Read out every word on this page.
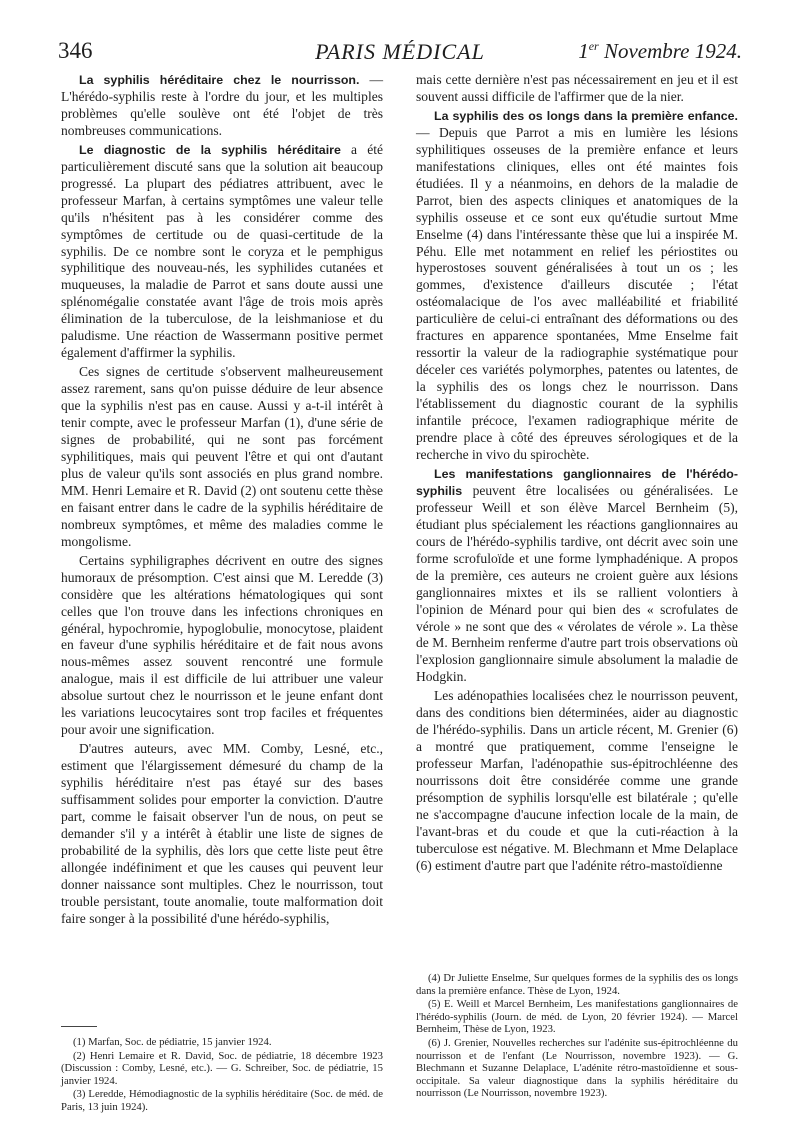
346	PARIS MÉDICAL	1er Novembre 1924.

La syphilis héréditaire chez le nourrisson. — L'hérédo-syphilis reste à l'ordre du jour, et les multiples problèmes qu'elle soulève ont été l'objet de très nombreuses communications.

Le diagnostic de la syphilis héréditaire a été particulièrement discuté sans que la solution ait beaucoup progressé. La plupart des pédiatres attribuent, avec le professeur Marfan, à certains symptômes une valeur telle qu'ils n'hésitent pas à les considérer comme des symptômes de certitude ou de quasi-certitude de la syphilis. De ce nombre sont le coryza et le pemphigus syphilitique des nouveau-nés, les syphilides cutanées et muqueuses, la maladie de Parrot et sans doute aussi une splénomégalie constatée avant l'âge de trois mois après élimination de la tuberculose, de la leishmaniose et du paludisme. Une réaction de Wassermann positive permet également d'affirmer la syphilis.

Ces signes de certitude s'observent malheureusement assez rarement, sans qu'on puisse déduire de leur absence que la syphilis n'est pas en cause. Aussi y a-t-il intérêt à tenir compte, avec le professeur Marfan (1), d'une série de signes de probabilité, qui ne sont pas forcément syphilitiques, mais qui peuvent l'être et qui ont d'autant plus de valeur qu'ils sont associés en plus grand nombre. MM. Henri Lemaire et R. David (2) ont soutenu cette thèse en faisant entrer dans le cadre de la syphilis héréditaire de nombreux symptômes, et même des maladies comme le mongolisme.

Certains syphiligraphes décrivent en outre des signes humoraux de présomption. C'est ainsi que M. Leredde (3) considère que les altérations hématologiques qui sont celles que l'on trouve dans les infections chroniques en général, hypochromie, hypoglobulie, monocytose, plaident en faveur d'une syphilis héréditaire et de fait nous avons nous-mêmes assez souvent rencontré une formule analogue, mais il est difficile de lui attribuer une valeur absolue surtout chez le nourrisson et le jeune enfant dont les variations leucocytaires sont trop faciles et fréquentes pour avoir une signification.

D'autres auteurs, avec MM. Comby, Lesné, etc., estiment que l'élargissement démesuré du champ de la syphilis héréditaire n'est pas étayé sur des bases suffisamment solides pour emporter la conviction. D'autre part, comme le faisait observer l'un de nous, on peut se demander s'il y a intérêt à établir une liste de signes de probabilité de la syphilis, dès lors que cette liste peut être allongée indéfiniment et que les causes qui peuvent leur donner naissance sont multiples. Chez le nourrisson, tout trouble persistant, toute anomalie, toute malformation doit faire songer à la possibilité d'une hérédo-syphilis,

mais cette dernière n'est pas nécessairement en jeu et il est souvent aussi difficile de l'affirmer que de la nier.

La syphilis des os longs dans la première enfance. — Depuis que Parrot a mis en lumière les lésions syphilitiques osseuses de la première enfance et leurs manifestations cliniques, elles ont été maintes fois étudiées. Il y a néanmoins, en dehors de la maladie de Parrot, bien des aspects cliniques et anatomiques de la syphilis osseuse et ce sont eux qu'étudie surtout Mme Enselme (4) dans l'intéressante thèse que lui a inspirée M. Péhu. Elle met notamment en relief les périostites ou hyperostoses souvent généralisées à tout un os ; les gommes, d'existence d'ailleurs discutée ; l'état ostéomalacique de l'os avec malléabilité et friabilité particulière de celui-ci entraînant des déformations ou des fractures en apparence spontanées, Mme Enselme fait ressortir la valeur de la radiographie systématique pour déceler ces variétés polymorphes, patentes ou latentes, de la syphilis des os longs chez le nourrisson. Dans l'établissement du diagnostic courant de la syphilis infantile précoce, l'examen radiographique mérite de prendre place à côté des épreuves sérologiques et de la recherche in vivo du spirochète.

Les manifestations ganglionnaires de l'hérédo-syphilis peuvent être localisées ou généralisées. Le professeur Weill et son élève Marcel Bernheim (5), étudiant plus spécialement les réactions ganglionnaires au cours de l'hérédo-syphilis tardive, ont décrit avec soin une forme scrofuloïde et une forme lymphadénique. A propos de la première, ces auteurs ne croient guère aux lésions ganglionnaires mixtes et ils se rallient volontiers à l'opinion de Ménard pour qui bien des « scrofulates de vérole » ne sont que des « vérolates de vérole ». La thèse de M. Bernheim renferme d'autre part trois observations où l'explosion ganglionnaire simule absolument la maladie de Hodgkin.

Les adénopathies localisées chez le nourrisson peuvent, dans des conditions bien déterminées, aider au diagnostic de l'hérédo-syphilis. Dans un article récent, M. Grenier (6) a montré que pratiquement, comme l'enseigne le professeur Marfan, l'adénopathie sus-épitrochléenne des nourrissons doit être considérée comme une grande présomption de syphilis lorsqu'elle est bilatérale ; qu'elle ne s'accompagne d'aucune infection locale de la main, de l'avant-bras et du coude et que la cuti-réaction à la tuberculose est négative. M. Blechmann et Mme Delaplace (6) estiment d'autre part que l'adénite rétro-mastoïdienne

(1) Marfan, Soc. de pédiatrie, 15 janvier 1924.

(2) Henri Lemaire et R. David, Soc. de pédiatrie, 18 décembre 1923 (Discussion : Comby, Lesné, etc.). — G. Schreiber, Soc. de pédiatrie, 15 janvier 1924.

(3) Leredde, Hémodiagnostic de la syphilis héréditaire (Soc. de méd. de Paris, 13 juin 1924).

(4) Dr Juliette Enselme, Sur quelques formes de la syphilis des os longs dans la première enfance. Thèse de Lyon, 1924.

(5) E. Weill et Marcel Bernheim, Les manifestations ganglionnaires de l'hérédo-syphilis (Journ. de méd. de Lyon, 20 février 1924). — Marcel Bernheim, Thèse de Lyon, 1923.

(6) J. Grenier, Nouvelles recherches sur l'adénite sus-épitrochléenne du nourrisson et de l'enfant (Le Nourrisson, novembre 1923). — G. Blechmann et Suzanne Delaplace, L'adénite rétro-mastoïdienne et sous-occipitale. Sa valeur diagnostique dans la syphilis héréditaire du nourrisson (Le Nourrisson, novembre 1923).
